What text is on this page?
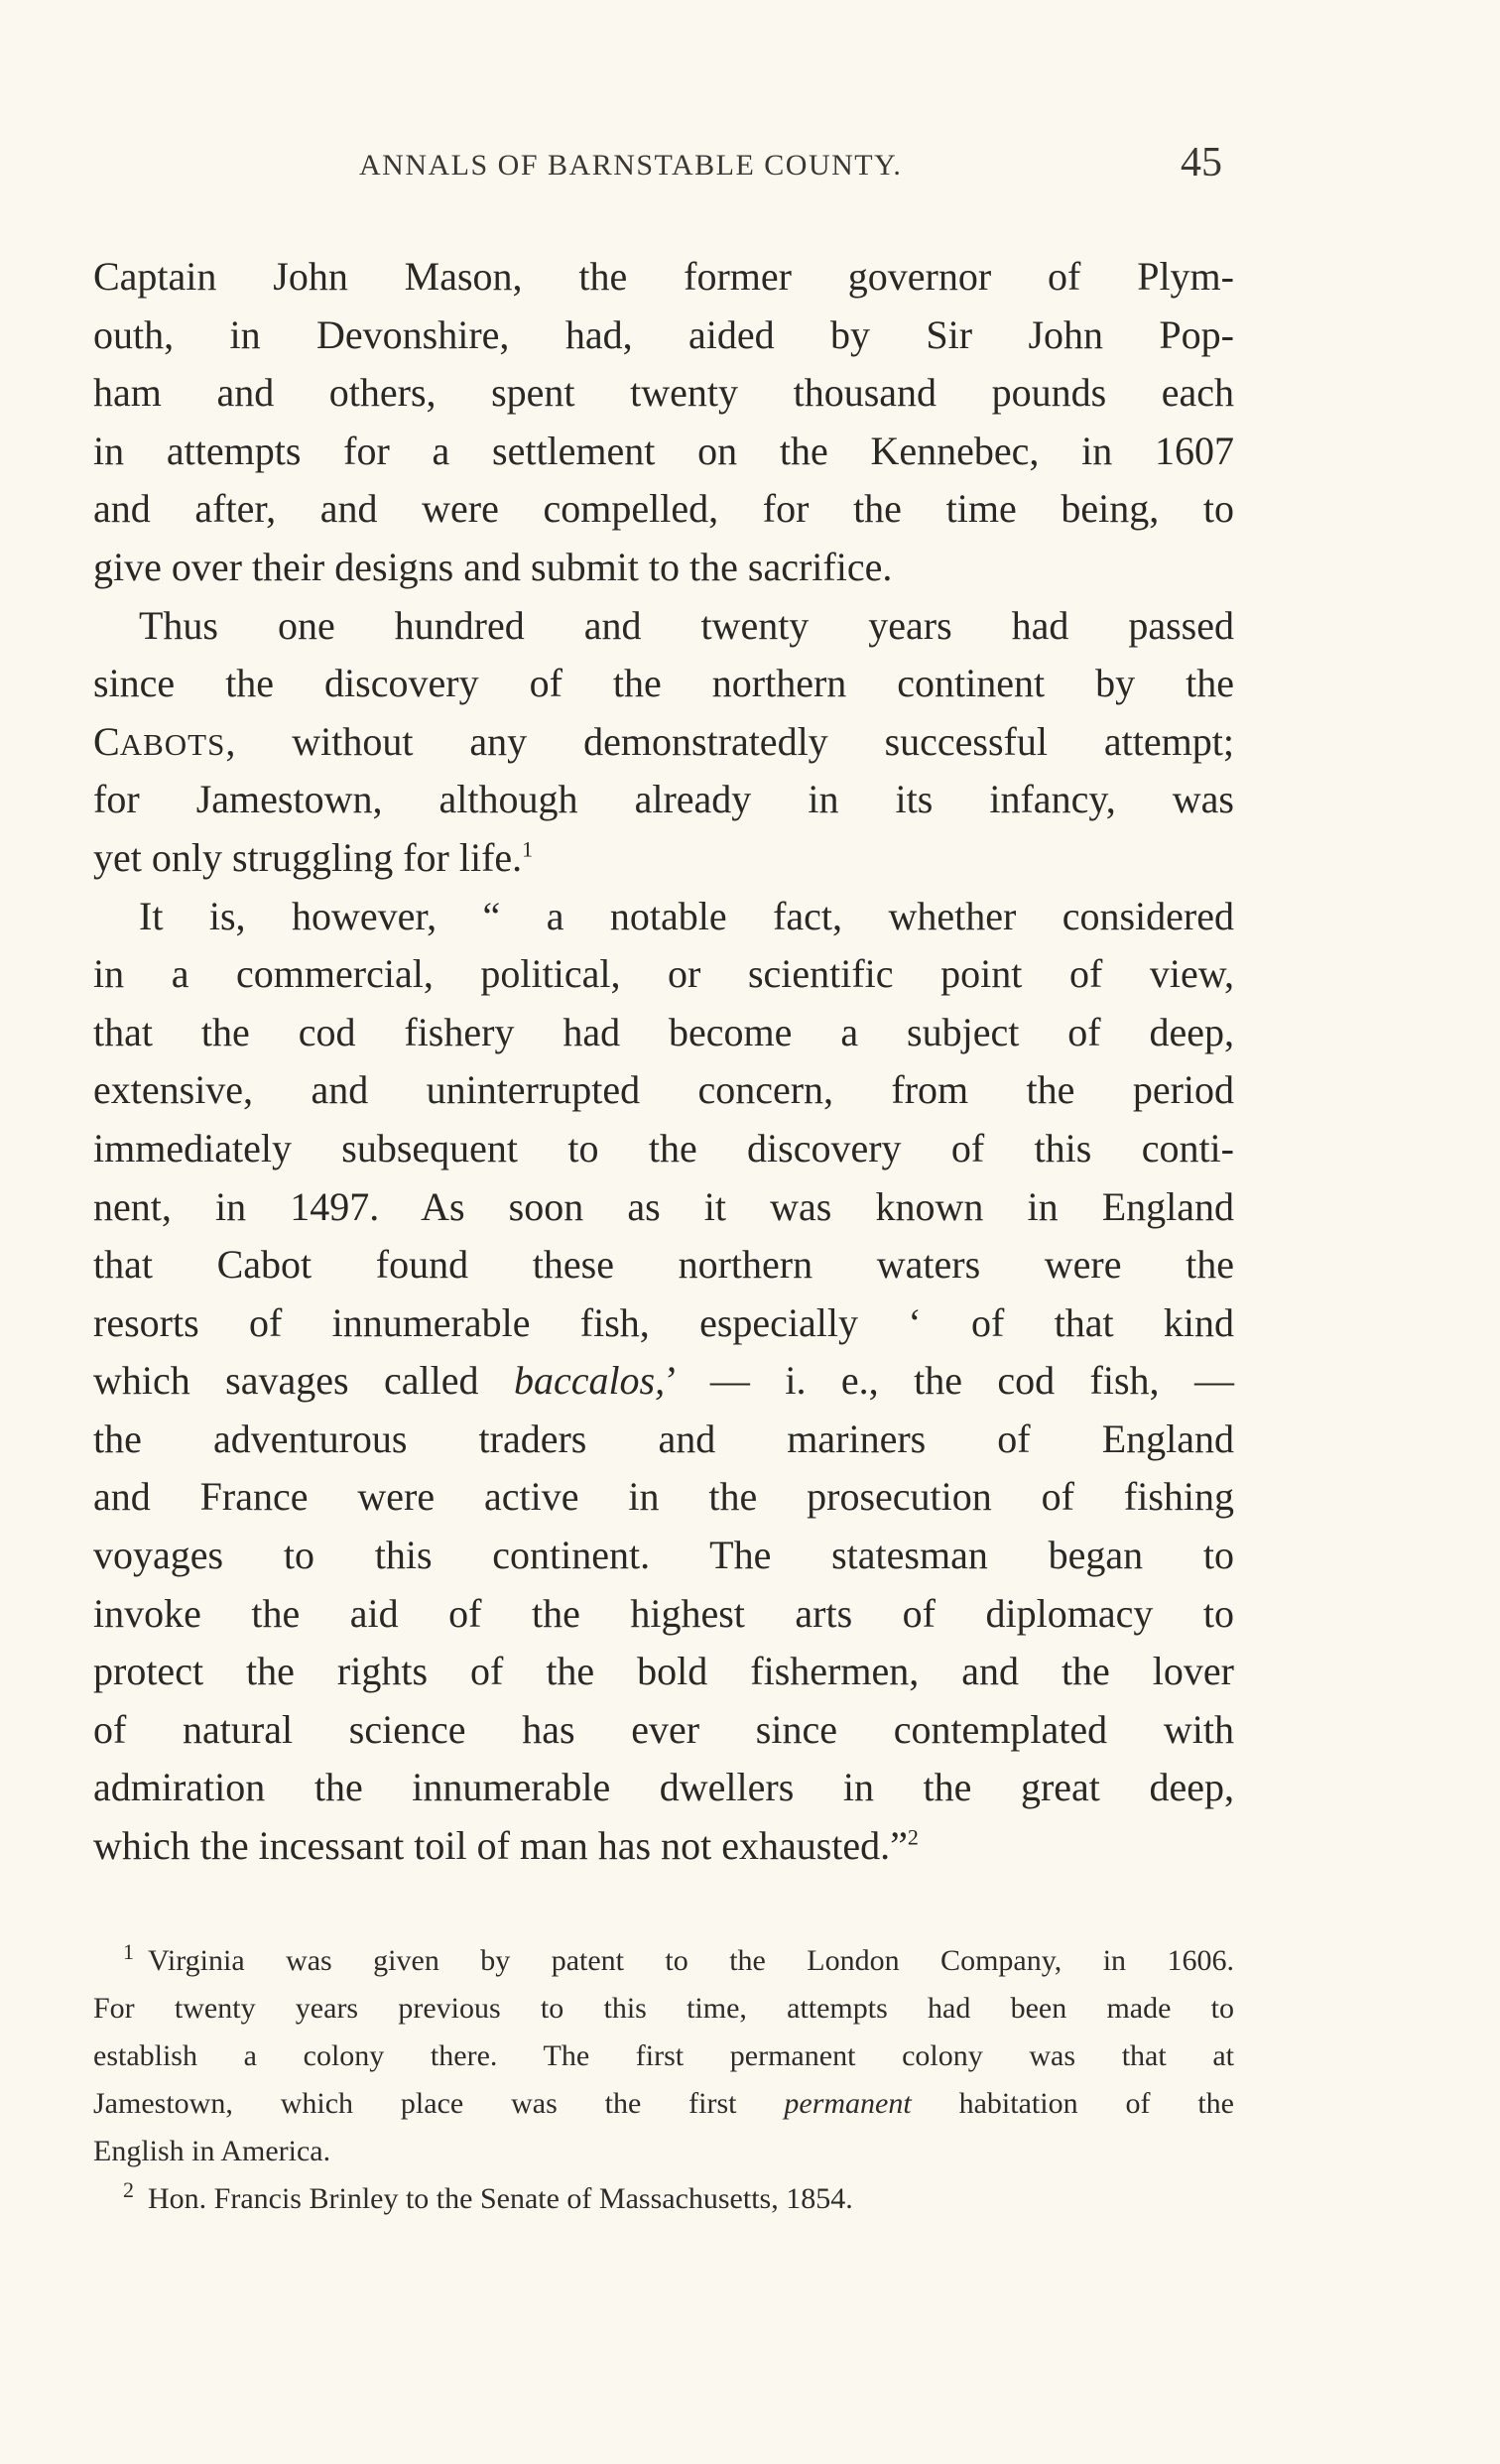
ANNALS OF BARNSTABLE COUNTY.	45
Captain John Mason, the former governor of Plym-
outh, in Devonshire, had, aided by Sir John Pop-
ham and others, spent twenty thousand pounds each
in attempts for a settlement on the Kennebec, in 1607
and after, and were compelled, for the time being, to
give over their designs and submit to the sacrifice.
Thus one hundred and twenty years had passed
since the discovery of the northern continent by the
CABOTS, without any demonstratedly successful attempt;
for Jamestown, although already in its infancy, was
yet only struggling for life.$^1$
It is, however, “ a notable fact, whether considered
in a commercial, political, or scientific point of view,
that the cod fishery had become a subject of deep,
extensive, and uninterrupted concern, from the period
immediately subsequent to the discovery of this conti-
nent, in 1497. As soon as it was known in England
that Cabot found these northern waters were the
resorts of innumerable fish, especially ‘ of that kind
which savages called baccalos,’ — i. e., the cod fish, —
the adventurous traders and mariners of England
and France were active in the prosecution of fishing
voyages to this continent. The statesman began to
invoke the aid of the highest arts of diplomacy to
protect the rights of the bold fishermen, and the lover
of natural science has ever since contemplated with
admiration the innumerable dwellers in the great deep,
which the incessant toil of man has not exhausted.”$^2$
$^1$ Virginia was given by patent to the London Company, in 1606.
For twenty years previous to this time, attempts had been made to
establish a colony there. The first permanent colony was that at
Jamestown, which place was the first permanent habitation of the
English in America.
$^2$ Hon. Francis Brinley to the Senate of Massachusetts, 1854.
